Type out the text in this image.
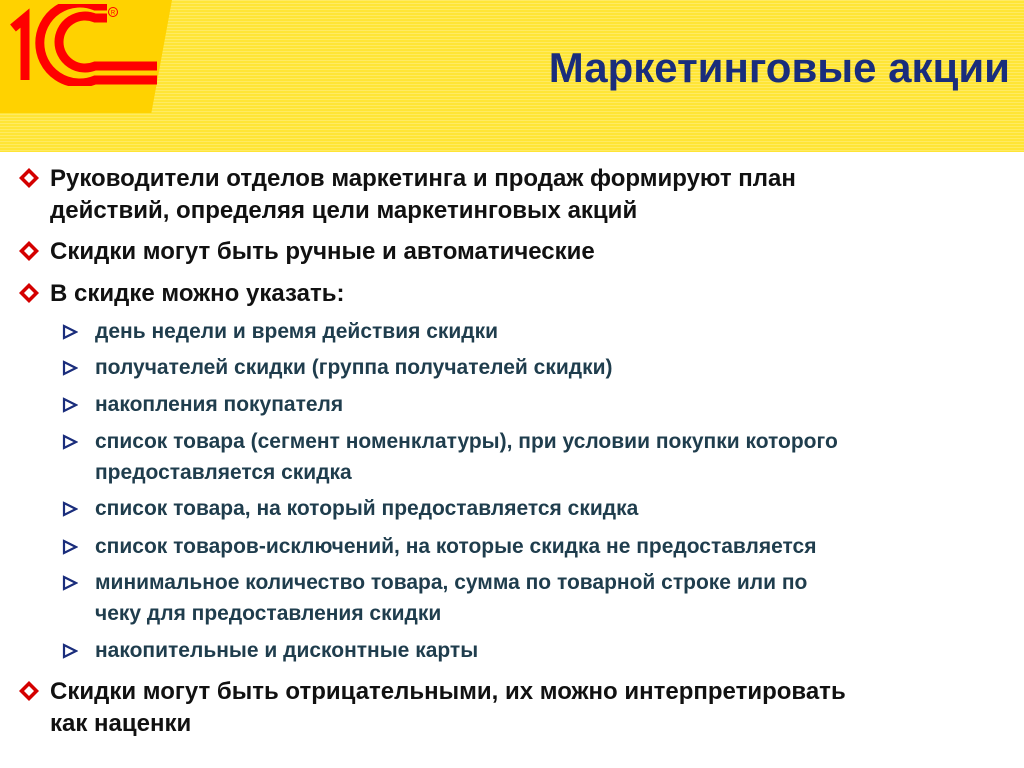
R
Маркетинговые акции
Руководители отделов маркетинга и продаж формируют план
действий, определяя цели маркетинговых акций
Скидки могут быть ручные и автоматические
В скидке можно указать:
день недели и время действия скидки
получателей скидки (группа получателей скидки)
накопления покупателя
список товара (сегмент номенклатуры), при условии покупки которого
предоставляется скидка
список товара, на который предоставляется скидка
список товаров-исключений, на которые скидка не предоставляется
минимальное количество товара, сумма по товарной строке или по
чеку для предоставления скидки
накопительные и дисконтные карты
Скидки могут быть отрицательными, их можно интерпретировать
как наценки
